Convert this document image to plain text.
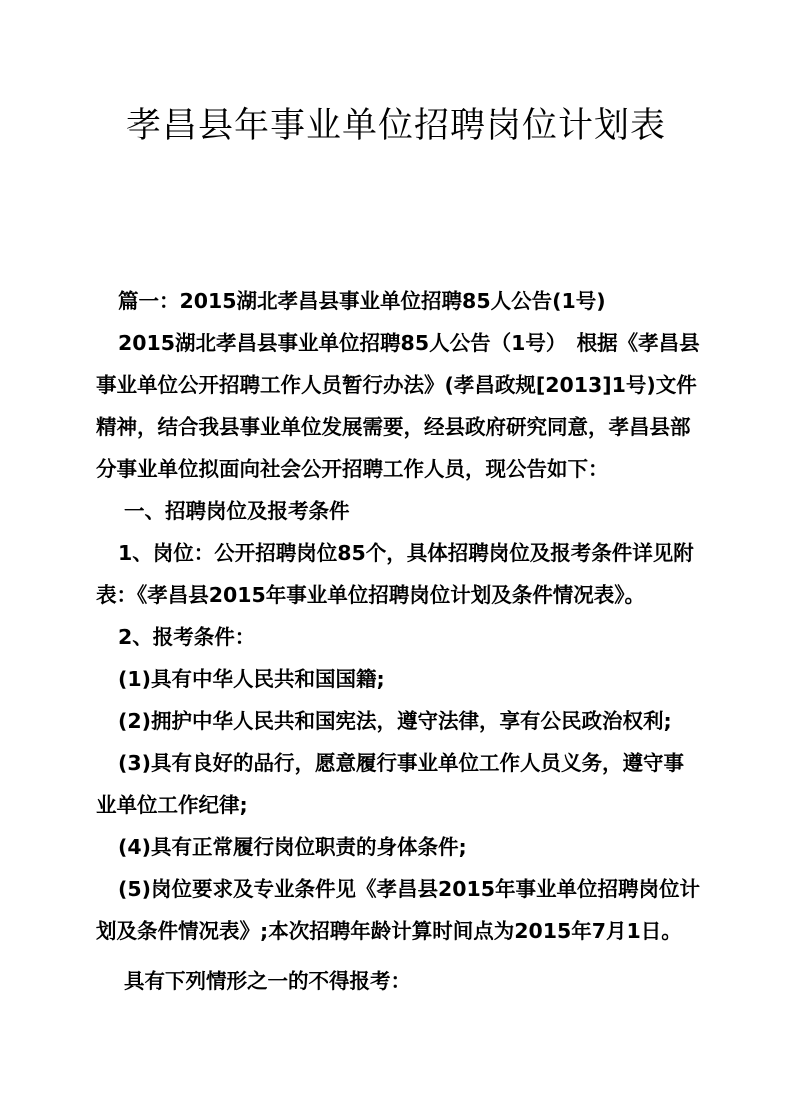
孝昌县年事业单位招聘岗位计划表

篇一：2015湖北孝昌县事业单位招聘85人公告(1号)

2015湖北孝昌县事业单位招聘85人公告（1号）　根据《孝昌县事业单位公开招聘工作人员暂行办法》(孝昌政规[2013]1号)文件精神，结合我县事业单位发展需要，经县政府研究同意，孝昌县部分事业单位拟面向社会公开招聘工作人员，现公告如下：

一、招聘岗位及报考条件

1、岗位：公开招聘岗位85个，具体招聘岗位及报考条件详见附表：《孝昌县2015年事业单位招聘岗位计划及条件情况表》。

2、报考条件：

(1)具有中华人民共和国国籍;

(2)拥护中华人民共和国宪法，遵守法律，享有公民政治权利;

(3)具有良好的品行，愿意履行事业单位工作人员义务，遵守事业单位工作纪律;

(4)具有正常履行岗位职责的身体条件;

(5)岗位要求及专业条件见《孝昌县2015年事业单位招聘岗位计划及条件情况表》;本次招聘年龄计算时间点为2015年7月1日。

具有下列情形之一的不得报考：
